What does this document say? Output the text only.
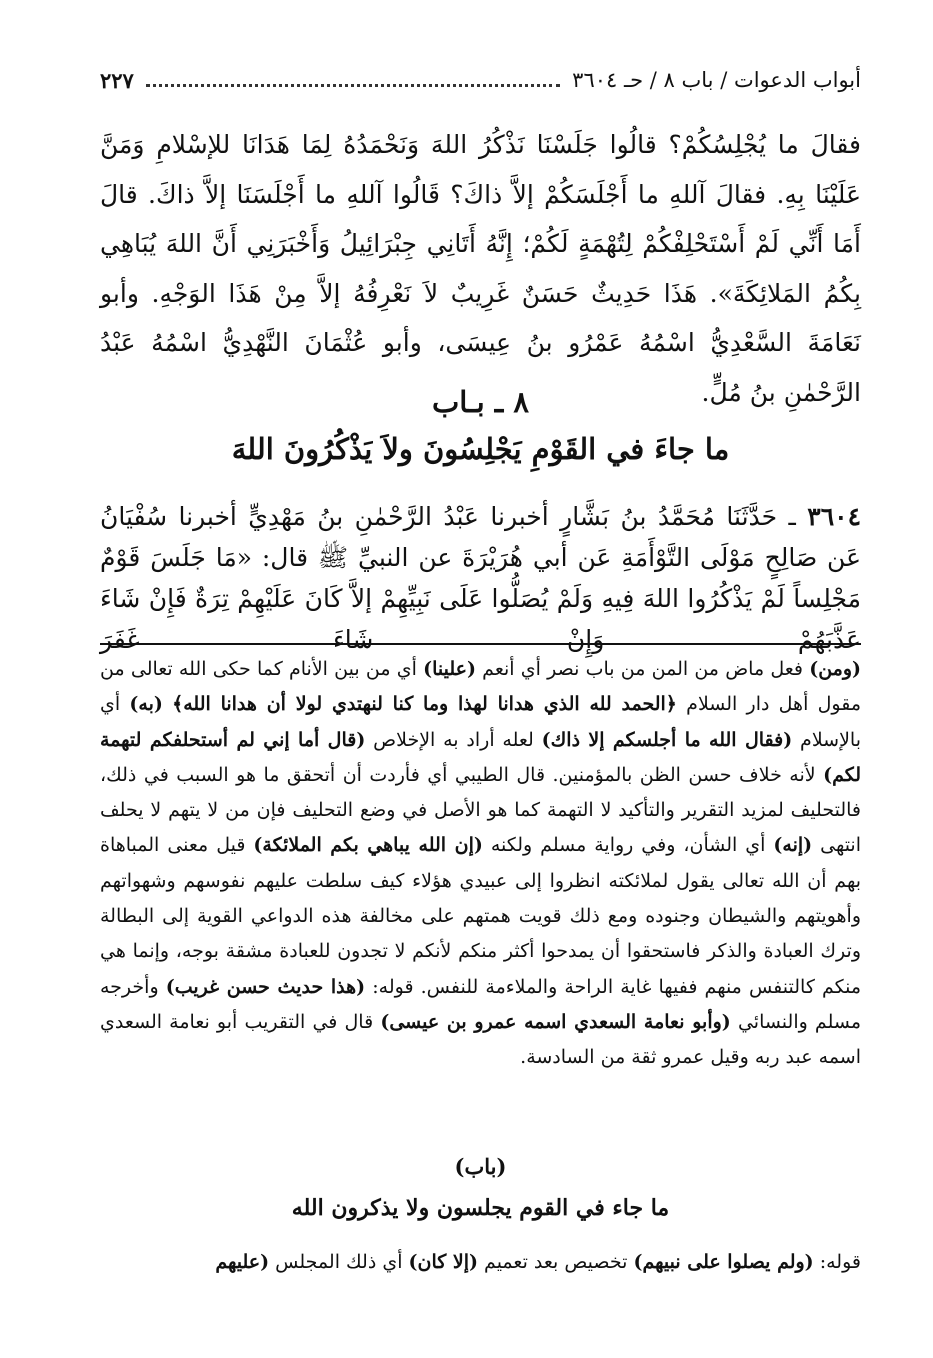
أبواب الدعوات / باب ٨ / حـ ٣٦٠٤
٢٢٧

فقالَ ما يُجْلِسُكُمْ؟ قالُوا جَلَسْنَا نَذْكُرُ اللهَ وَنَحْمَدُهُ لِمَا هَدَانَا للإسْلامِ وَمَنَّ عَلَيْنَا بِهِ. فقالَ آللهِ ما أَجْلَسَكُمْ إلاَّ ذاكَ؟ قَالُوا آللهِ ما أَجْلَسَنَا إلاَّ ذاكَ. قالَ أَمَا أَنِّي لَمْ أَسْتَحْلِفْكُمْ لِتُهْمَةٍ لَكُمْ؛ إِنَّهُ أَتَانِي جِبْرَائِيلُ وَأَخْبَرَنِي أَنَّ اللهَ يُبَاهِي بِكُمُ المَلائِكَةَ». هَذَا حَدِيثٌ حَسَنٌ غَرِيبٌ لاَ نَعْرِفُهُ إلاَّ مِنْ هَذَا الوَجْهِ. وأبو نَعَامَةَ السَّعْدِيُّ اسْمُهُ عَمْرُو بنُ عِيسَى، وأبو عُثْمَانَ النَّهْدِيُّ اسْمُهُ عَبْدُ الرَّحْمٰنِ بنُ مُلٍّ.

٨ ـ بـاب
ما جاءَ في القَوْمِ يَجْلِسُونَ ولاَ يَذْكُرُونَ اللهَ
٣٦٠٤ ـ حَدَّثَنَا مُحَمَّدُ بنُ بَشَّارٍ أخبرنا عَبْدُ الرَّحْمٰنِ بنُ مَهْدِيٍّ أخبرنا سُفْيَانُ عَن صَالِحٍ مَوْلَى التَّوْأَمَةِ عَن أبي هُرَيْرَةَ عن النبيِّ ﷺ قال: «مَا جَلَسَ قَوْمٌ مَجْلِساً لَمْ يَذْكُرُوا اللهَ فِيهِ وَلَمْ يُصَلُّوا عَلَى نَبِيِّهِمْ إلاَّ كَانَ عَلَيْهِمْ تِرَةٌ فَإِنْ شَاءَ عَذَّبَهُمْ وَإِنْ شَاءَ غَفَرَ
(ومن) فعل ماض من المن من باب نصر أي أنعم (علينا) أي من بين الأنام كما حكى الله تعالى من مقول أهل دار السلام ﴿الحمد لله الذي هدانا لهذا وما كنا لنهتدي لولا أن هدانا الله﴾ (به) أي بالإسلام (فقال الله ما أجلسكم إلا ذاك) لعله أراد به الإخلاص (قال أما إني لم أستحلفكم لتهمة لكم) لأنه خلاف حسن الظن بالمؤمنين. قال الطيبي أي فأردت أن أتحقق ما هو السبب في ذلك، فالتحليف لمزيد التقرير والتأكيد لا التهمة كما هو الأصل في وضع التحليف فإن من لا يتهم لا يحلف انتهى (إنه) أي الشأن، وفي رواية مسلم ولكنه (إن الله يباهي بكم الملائكة) قيل معنى المباهاة بهم أن الله تعالى يقول لملائكته انظروا إلى عبيدي هؤلاء كيف سلطت عليهم نفوسهم وشهواتهم وأهويتهم والشيطان وجنوده ومع ذلك قويت همتهم على مخالفة هذه الدواعي القوية إلى البطالة وترك العبادة والذكر فاستحقوا أن يمدحوا أكثر منكم لأنكم لا تجدون للعبادة مشقة بوجه، وإنما هي منكم كالتنفس منهم ففيها غاية الراحة والملاءمة للنفس. قوله: (هذا حديث حسن غريب) وأخرجه مسلم والنسائي (وأبو نعامة السعدي اسمه عمرو بن عيسى) قال في التقريب أبو نعامة السعدي اسمه عبد ربه وقيل عمرو ثقة من السادسة.
(باب)
ما جاء في القوم يجلسون ولا يذكرون الله
قوله: (ولم يصلوا على نبيهم) تخصيص بعد تعميم (إلا كان) أي ذلك المجلس (عليهم
